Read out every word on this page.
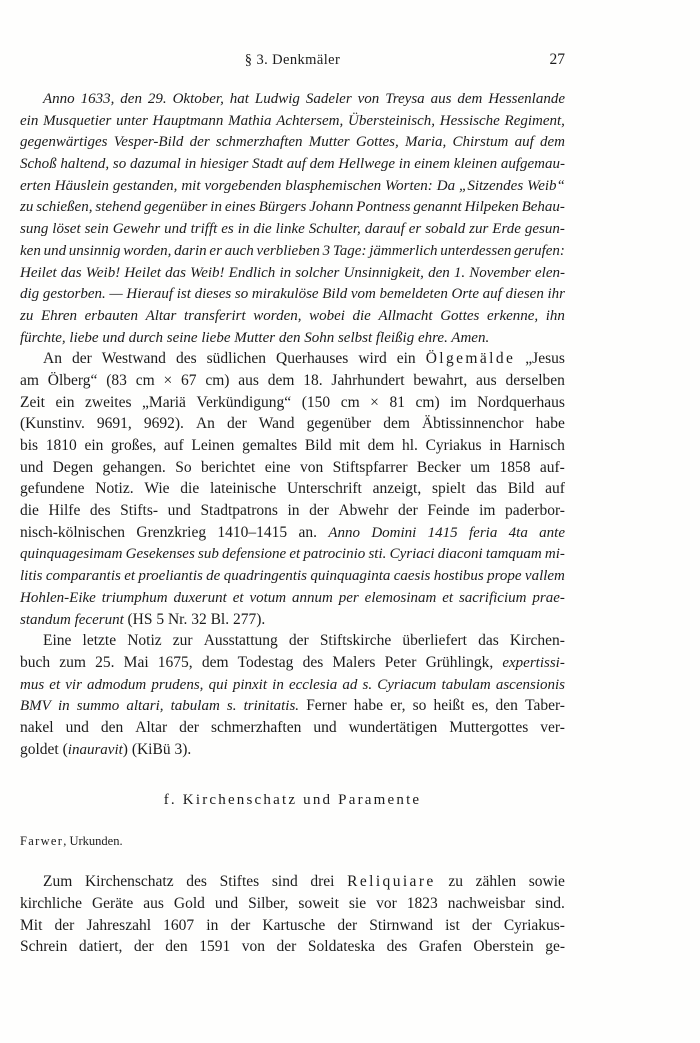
§ 3. Denkmäler	27
Anno 1633, den 29. Oktober, hat Ludwig Sadeler von Treysa aus dem Hessenlande
ein Musquetier unter Hauptmann Mathia Achtersem, Übersteinisch, Hessische Regiment,
gegenwärtiges Vesper-Bild der schmerzhaften Mutter Gottes, Maria, Chirstum auf dem
Schoß haltend, so dazumal in hiesiger Stadt auf dem Hellwege in einem kleinen aufgemau-
erten Häuslein gestanden, mit vorgebenden blasphemischen Worten: Da „Sitzendes Weib“
zu schießen, stehend gegenüber in eines Bürgers Johann Pontness genannt Hilpeken Behau-
sung löset sein Gewehr und trifft es in die linke Schulter, darauf er sobald zur Erde gesun-
ken und unsinnig worden, darin er auch verblieben 3 Tage: jämmerlich unterdessen gerufen:
Heilet das Weib! Heilet das Weib! Endlich in solcher Unsinnigkeit, den 1. November elen-
dig gestorben. — Hierauf ist dieses so mirakulöse Bild vom bemeldeten Orte auf diesen ihr
zu Ehren erbauten Altar transferirt worden, wobei die Allmacht Gottes erkenne, ihn
fürchte, liebe und durch seine liebe Mutter den Sohn selbst fleißig ehre. Amen.
An der Westwand des südlichen Querhauses wird ein Ölgemälde „Jesus
am Ölberg“ (83 cm × 67 cm) aus dem 18. Jahrhundert bewahrt, aus derselben
Zeit ein zweites „Mariä Verkündigung“ (150 cm × 81 cm) im Nordquerhaus
(Kunstinv. 9691, 9692). An der Wand gegenüber dem Äbtissinnenchor habe
bis 1810 ein großes, auf Leinen gemaltes Bild mit dem hl. Cyriakus in Harnisch
und Degen gehangen. So berichtet eine von Stiftspfarrer Becker um 1858 auf-
gefundene Notiz. Wie die lateinische Unterschrift anzeigt, spielt das Bild auf
die Hilfe des Stifts- und Stadtpatrons in der Abwehr der Feinde im paderbor-
nisch-kölnischen Grenzkrieg 1410–1415 an. Anno Domini 1415 feria 4ta ante
quinquagesimam Gesekenses sub defensione et patrocinio sti. Cyriaci diaconi tamquam mi-
litis comparantis et proeliantis de quadringentis quinquaginta caesis hostibus prope vallem
Hohlen-Eike triumphum duxerunt et votum annum per elemosinam et sacrificium prae-
standum fecerunt (HS 5 Nr. 32 Bl. 277).
Eine letzte Notiz zur Ausstattung der Stiftskirche überliefert das Kirchen-
buch zum 25. Mai 1675, dem Todestag des Malers Peter Grühlingk, expertissi-
mus et vir admodum prudens, qui pinxit in ecclesia ad s. Cyriacum tabulam ascensionis
BMV in summo altari, tabulam s. trinitatis. Ferner habe er, so heißt es, den Taber-
nakel und den Altar der schmerzhaften und wundertätigen Muttergottes ver-
goldet (inauravit) (KiBü 3).
f. Kirchenschatz und Paramente
Farwer, Urkunden.
Zum Kirchenschatz des Stiftes sind drei Reliquiare zu zählen sowie
kirchliche Geräte aus Gold und Silber, soweit sie vor 1823 nachweisbar sind.
Mit der Jahreszahl 1607 in der Kartusche der Stirnwand ist der Cyriakus-
Schrein datiert, der den 1591 von der Soldateska des Grafen Oberstein ge-
